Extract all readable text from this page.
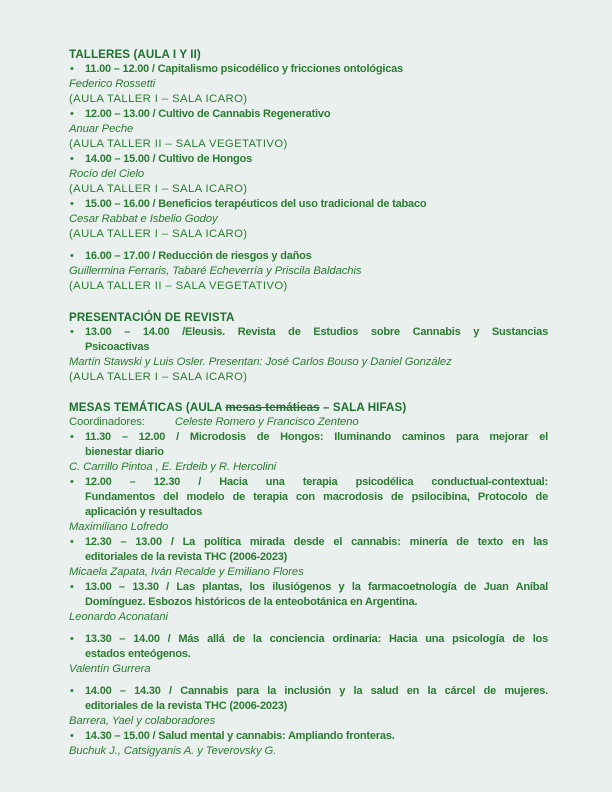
TALLERES (AULA I Y II)
•
11.00 – 12.00 / Capitalismo psicodélico y fricciones ontológicas
Federico Rossetti
(AULA TALLER I – SALA ICARO)
•
12.00 – 13.00 / Cultivo de Cannabis Regenerativo
Anuar Peche
(AULA TALLER II – SALA VEGETATIVO)
•
14.00 – 15.00 / Cultivo de Hongos
Rocío del Cielo
(AULA TALLER I – SALA ICARO)
•
15.00 – 16.00 / Beneficios terapéuticos del uso tradicional de tabaco
Cesar Rabbat e Isbelio Godoy
(AULA TALLER I – SALA ICARO)
•
16.00 – 17.00 / Reducción de riesgos y daños
Guillermina Ferraris, Tabaré Echeverría y Priscila Baldachis
(AULA TALLER II – SALA VEGETATIVO)
PRESENTACIÓN DE REVISTA
•
13.00 – 14.00 /Eleusis. Revista de Estudios sobre Cannabis y Sustancias
Psicoactivas
Martín Stawski y Luis Osler. Presentan: José Carlos Bouso y Daniel González
(AULA TALLER I – SALA ICARO)
MESAS TEMÁTICAS (AULA mesas temáticas – SALA HIFAS)
Coordinadores:	Celeste Romero y Francisco Zenteno
•
11.30 – 12.00 / Microdosis de Hongos: Iluminando caminos para mejorar el
bienestar diario
C. Carrillo Pintoa , E. Erdeib y R. Hercolini
•
12.00 – 12.30 / Hacia una terapia psicodélica conductual-contextual:
Fundamentos del modelo de terapia con macrodosis de psilocibina, Protocolo de
aplicación y resultados
Maximiliano Lofredo
•
12.30 – 13.00 / La política mirada desde el cannabis: minería de texto en las
editoriales de la revista THC (2006-2023)
Micaela Zapata, Iván Recalde y Emiliano Flores
•
13.00 – 13.30 / Las plantas, los ilusiógenos y la farmacoetnología de Juan Aníbal
Domínguez. Esbozos históricos de la enteobotánica en Argentina.
Leonardo Aconatani
•
13.30 – 14.00 / Más allá de la conciencia ordinaria: Hacia una psicología de los
estados enteógenos.
Valentín Gurrera
•
14.00 – 14.30 / Cannabis para la inclusión y la salud en la cárcel de mujeres.
editoriales de la revista THC (2006-2023)
Barrera, Yael y colaboradores
•
14.30 – 15.00 / Salud mental y cannabis: Ampliando fronteras.
Buchuk J., Catsigyanis A. y Teverovsky G.
